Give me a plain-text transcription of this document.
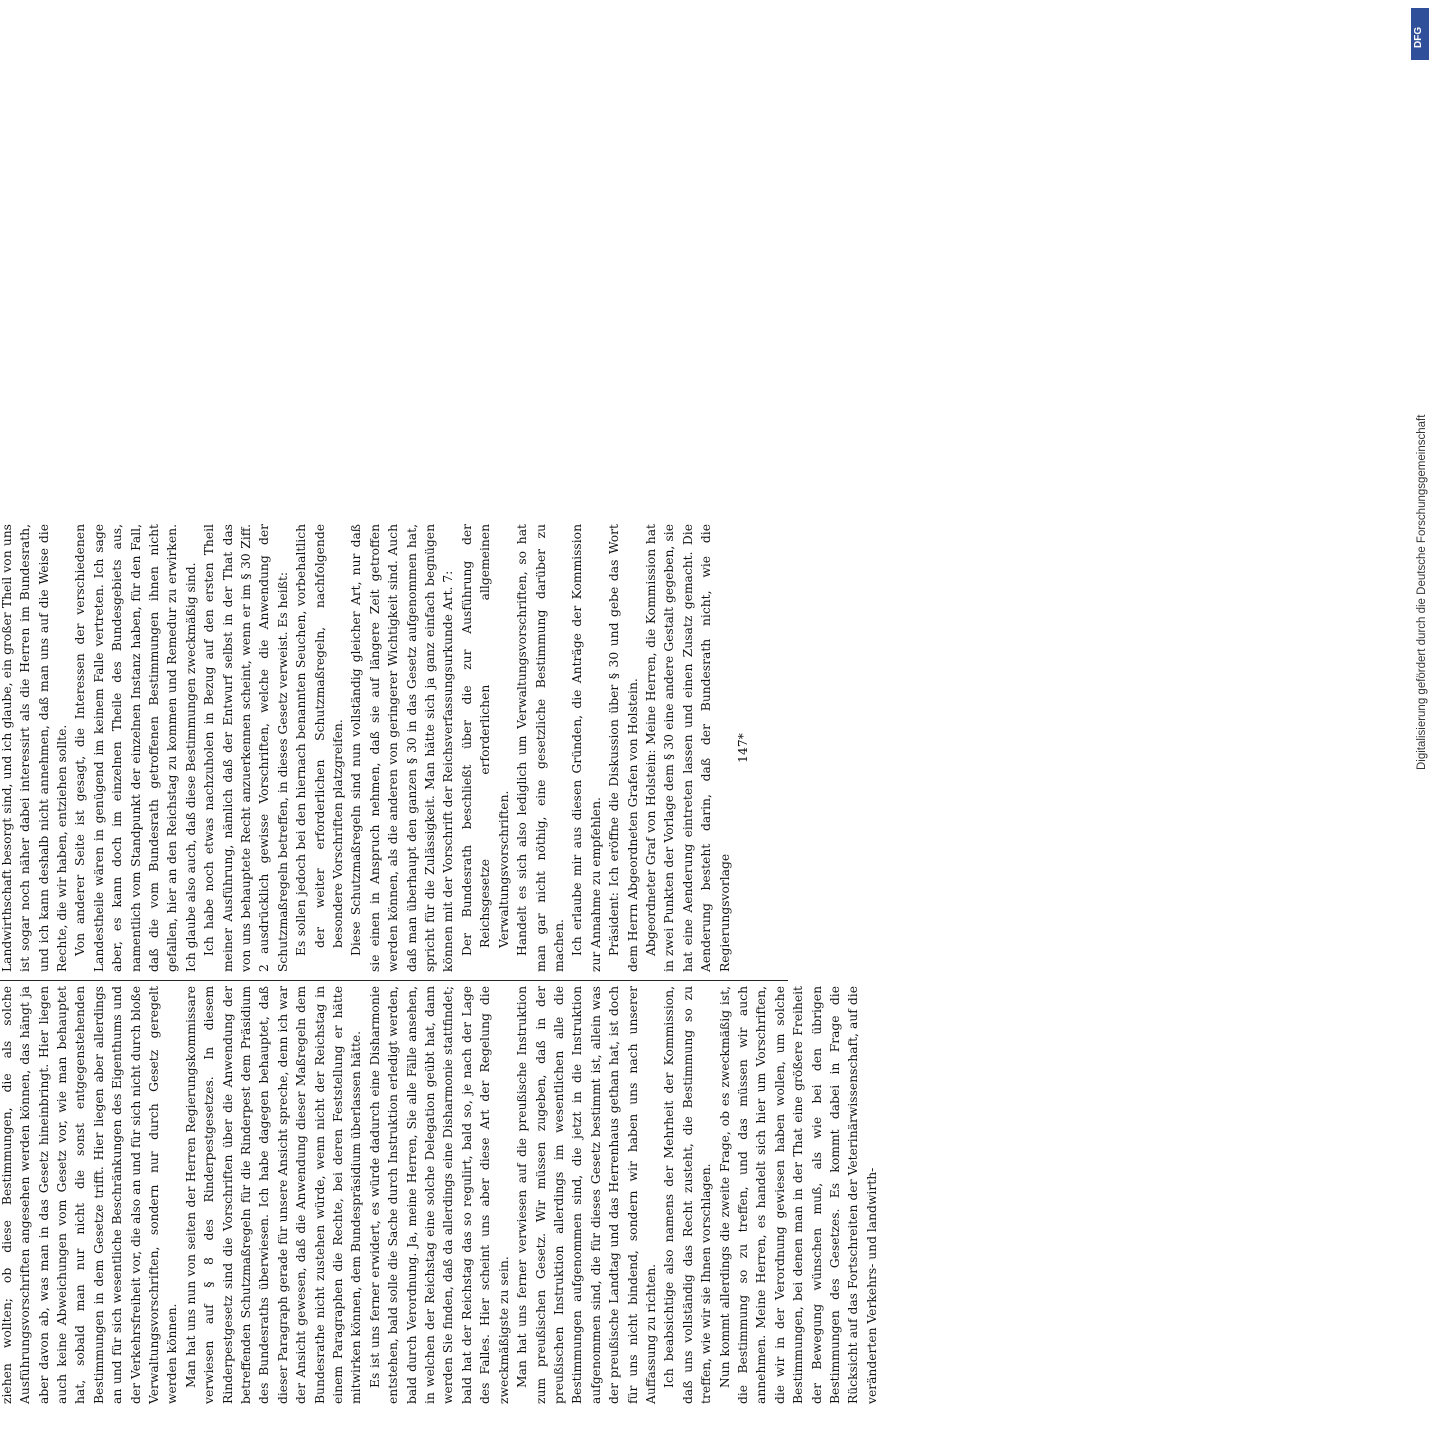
ziehen wollten; ob diese Bestimmungen, die als solche Ausführungsvorschriften angesehen werden können, das hängt ja aber davon ab, was man in das Gesetz hineinbringt. Hier liegen auch keine Abweichungen vom Gesetz vor, wie man behauptet hat, sobald man nur nicht die sonst entgegenstehenden Bestimmungen in dem Gesetze trifft. Hier liegen aber allerdings an und für sich wesentliche Beschränkungen des Eigenthums und der Verkehrsfreiheit vor, die also an und für sich nicht durch bloße Verwaltungsvorschriften, sondern nur durch Gesetz geregelt werden können. Man hat uns nun von seiten der Herren Regierungskommissare verwiesen auf § 8 des Rinderpestgesetzes. In diesem Rinderpestgesetz sind die Vorschriften über die Anwendung der betreffenden Schutzmaßregeln für die Rinderpest dem Präsidium des Bundesraths überwiesen. Ich habe dagegen behauptet, daß dieser Paragraph gerade für unsere Ansicht spreche, denn ich war der Ansicht gewesen, daß die Anwendung dieser Maßregeln dem Bundesrathe nicht zustehen würde, wenn nicht der Reichstag in einem Paragraphen die Rechte, bei deren Feststellung er hätte mitwirken können, dem Bundespräsidium überlassen hätte. Es ist uns ferner erwidert, es würde dadurch eine Disharmonie entstehen, bald solle die Sache durch Instruktion erledigt werden, bald durch Verordnung. Ja, meine Herren, Sie alle Fälle ansehen, in welchen der Reichstag eine solche Delegation geübt hat, dann werden Sie finden, daß da allerdings eine Disharmonie stattfindet; bald hat der Reichstag das so regulirt, bald so, je nach der Lage des Falles. Hier scheint uns aber diese Art der Regelung die zweckmäßigste zu sein. Man hat uns ferner verwiesen auf die preußische Instruktion zum preußischen Gesetz. Wir müssen zugeben, daß in der preußischen Instruktion allerdings im wesentlichen alle die Bestimmungen aufgenommen sind, die jetzt in die Instruktion aufgenommen sind, die für dieses Gesetz bestimmt ist, allein was der preußische Landtag und das Herrenhaus gethan hat, ist doch für uns nicht bindend, sondern wir haben uns nach unserer Auffassung zu richten. Ich beabsichtige also namens der Mehrheit der Kommission, daß uns vollständig das Recht zusteht, die Bestimmung so zu treffen, wie wir sie Ihnen vorschlagen. Nun kommt allerdings die zweite Frage, ob es zweckmäßig ist, die Bestimmung so zu treffen, und das müssen wir auch annehmen. Meine Herren, es handelt sich hier um Vorschriften, die wir in der Verordnung gewiesen haben wollen, um solche Bestimmungen, bei denen man in der That eine größere Freiheit der Bewegung wünschen muß, als wie bei den übrigen Bestimmungen des Gesetzes. Es kommt dabei in Frage die Rücksicht auf das Fortschreiten der Veterinärwissenschaft, auf die veränderten Verkehrs- und landwirth-

Landwirthschaft besorgt sind, und ich glaube, ein großer Theil von uns ist sogar noch näher dabei interessirt als die Herren im Bundesrath, und ich kann deshalb nicht annehmen, daß man uns auf die Weise die Rechte, die wir haben, entziehen sollte. Von anderer Seite ist gesagt, die Interessen der verschiedenen Landestheile wären in genügend im keinem Falle vertreten. Ich sage aber, es kann doch im einzelnen Theile des Bundesgebiets aus, namentlich vom Standpunkt der einzelnen Instanz haben, für den Fall, daß die vom Bundesrath getroffenen Bestimmungen ihnen nicht gefallen, hier an den Reichstag zu kommen und Remedur zu erwirken. Ich glaube also auch, daß diese Bestimmungen zweckmäßig sind. Ich habe noch etwas nachzuholen in Bezug auf den ersten Theil meiner Ausführung, nämlich daß der Entwurf selbst in der That das von uns behauptete Recht anzuerkennen scheint, wenn er im § 30 Ziff. 2 ausdrücklich gewisse Vorschriften, welche die Anwendung der Schutzmaßregeln betreffen, in dieses Gesetz verweist. Es heißt: Es sollen jedoch bei den hiernach benannten Seuchen, vorbehaltlich der weiter erforderlichen Schutzmaßregeln, nachfolgende besondere Vorschriften platzgreifen. Diese Schutzmaßregeln sind nun vollständig gleicher Art, nur daß sie einen in Anspruch nehmen, daß sie auf längere Zeit getroffen werden können, als die anderen von geringerer Wichtigkeit sind. Auch daß man überhaupt den ganzen § 30 in das Gesetz aufgenommen hat, spricht für die Zulässigkeit. Man hätte sich ja ganz einfach begnügen können mit der Vorschrift der Reichsverfassungsurkunde Art. 7: Der Bundesrath beschließt über die zur Ausführung der Reichsgesetze erforderlichen allgemeinen Verwaltungsvorschriften. Handelt es sich also lediglich um Verwaltungsvorschriften, so hat man gar nicht nöthig, eine gesetzliche Bestimmung darüber zu machen. Ich erlaube mir aus diesen Gründen, die Anträge der Kommission zur Annahme zu empfehlen. Präsident: Ich eröffne die Diskussion über § 30 und gebe das Wort dem Herrn Abgeordneten Grafen von Holstein. Abgeordneter Graf von Holstein: Meine Herren, die Kommission hat in zwei Punkten der Vorlage dem § 30 eine andere Gestalt gegeben, sie hat eine Aenderung eintreten lassen und einen Zusatz gemacht. Die Aenderung besteht darin, daß der Bundesrath nicht, wie die Regierungsvorlage

147*

DFG
Digitalisierung gefördert durch die Deutsche Forschungsgemeinschaft
